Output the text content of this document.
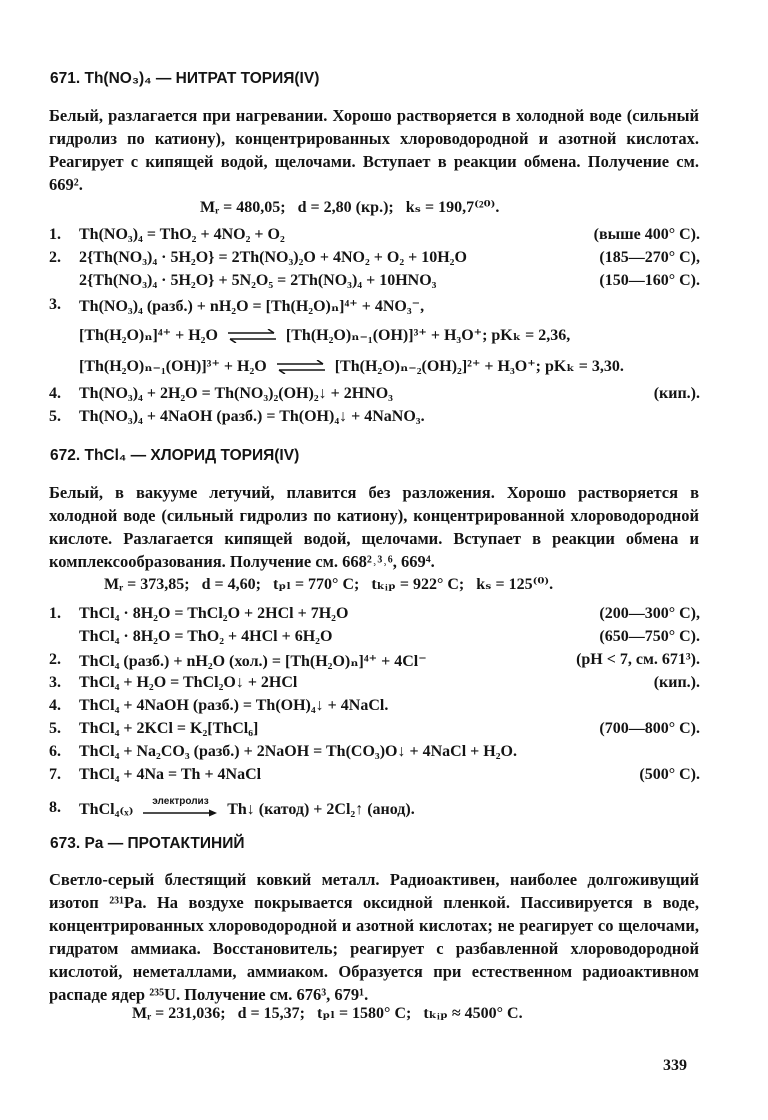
671. Th(NO₃)₄ — НИТРАТ ТОРИЯ(IV)
Белый, разлагается при нагревании. Хорошо растворяется в холодной воде (сильный гидролиз по катиону), концентрированных хлороводородной и азотной кислотах. Реагирует с кипящей водой, щелочами. Вступает в реакции обмена. Получение см. 669².
Mᵣ = 480,05;   d = 2,80 (кр.);   kₛ = 190,7⁽²⁰⁾.
1. Th(NO₃)₄ = ThO₂ + 4NO₂ + O₂	(выше 400° C).
2. 2{Th(NO₃)₄ · 5H₂O} = 2Th(NO₃)₂O + 4NO₂ + O₂ + 10H₂O	(185—270° C),
2{Th(NO₃)₄ · 5H₂O} + 5N₂O₅ = 2Th(NO₃)₄ + 10HNO₃	(150—160° C).
3. Th(NO₃)₄ (разб.) + nH₂O = [Th(H₂O)ₙ]⁴⁺ + 4NO₃⁻,
[Th(H₂O)ₙ]⁴⁺ + H₂O ⇌ [Th(H₂O)ₙ₋₁(OH)]³⁺ + H₃O⁺; pKₖ = 2,36,
[Th(H₂O)ₙ₋₁(OH)]³⁺ + H₂O ⇌ [Th(H₂O)ₙ₋₂(OH)₂]²⁺ + H₃O⁺; pKₖ = 3,30.
4. Th(NO₃)₄ + 2H₂O = Th(NO₃)₂(OH)₂↓ + 2HNO₃	(кип.).
5. Th(NO₃)₄ + 4NaOH (разб.) = Th(OH)₄↓ + 4NaNO₃.
672. ThCl₄ — ХЛОРИД ТОРИЯ(IV)
Белый, в вакууме летучий, плавится без разложения. Хорошо растворяется в холодной воде (сильный гидролиз по катиону), концентрированной хлороводородной кислоте. Разлагается кипящей водой, щелочами. Вступает в реакции обмена и комплексообразования. Получение см. 668²˒³˒⁶, 669⁴.
Mᵣ = 373,85;   d = 4,60;   tₚₗ = 770° C;   tₖᵢₚ = 922° C;   kₛ = 125⁽⁰⁾.
1. ThCl₄ · 8H₂O = ThCl₂O + 2HCl + 7H₂O	(200—300° C),
ThCl₄ · 8H₂O = ThO₂ + 4HCl + 6H₂O	(650—750° C).
2. ThCl₄ (разб.) + nH₂O (хол.) = [Th(H₂O)ₙ]⁴⁺ + 4Cl⁻	(pH < 7, см. 671³).
3. ThCl₄ + H₂O = ThCl₂O↓ + 2HCl	(кип.).
4. ThCl₄ + 4NaOH (разб.) = Th(OH)₄↓ + 4NaCl.
5. ThCl₄ + 2KCl = K₂[ThCl₆]	(700—800° C).
6. ThCl₄ + Na₂CO₃ (разб.) + 2NaOH = Th(CO₃)O↓ + 4NaCl + H₂O.
7. ThCl₄ + 4Na = Th + 4NaCl	(500° C).
8. ThCl₄₍ₓ₎	электролиз	Th↓ (катод) + 2Cl₂↑ (анод).
673. Pa — ПРОТАКТИНИЙ
Светло-серый блестящий ковкий металл. Радиоактивен, наиболее долгоживущий изотоп ²³¹Pa. На воздухе покрывается оксидной пленкой. Пассивируется в воде, концентрированных хлороводородной и азотной кислотах; не реагирует со щелочами, гидратом аммиака. Восстановитель; реагирует с разбавленной хлороводородной кислотой, неметаллами, аммиаком. Образуется при естественном радиоактивном распаде ядер ²³⁵U. Получение см. 676³, 679¹.
Mᵣ = 231,036;   d = 15,37;   tₚₗ = 1580° C;   tₖᵢₚ ≈ 4500° C.
339
